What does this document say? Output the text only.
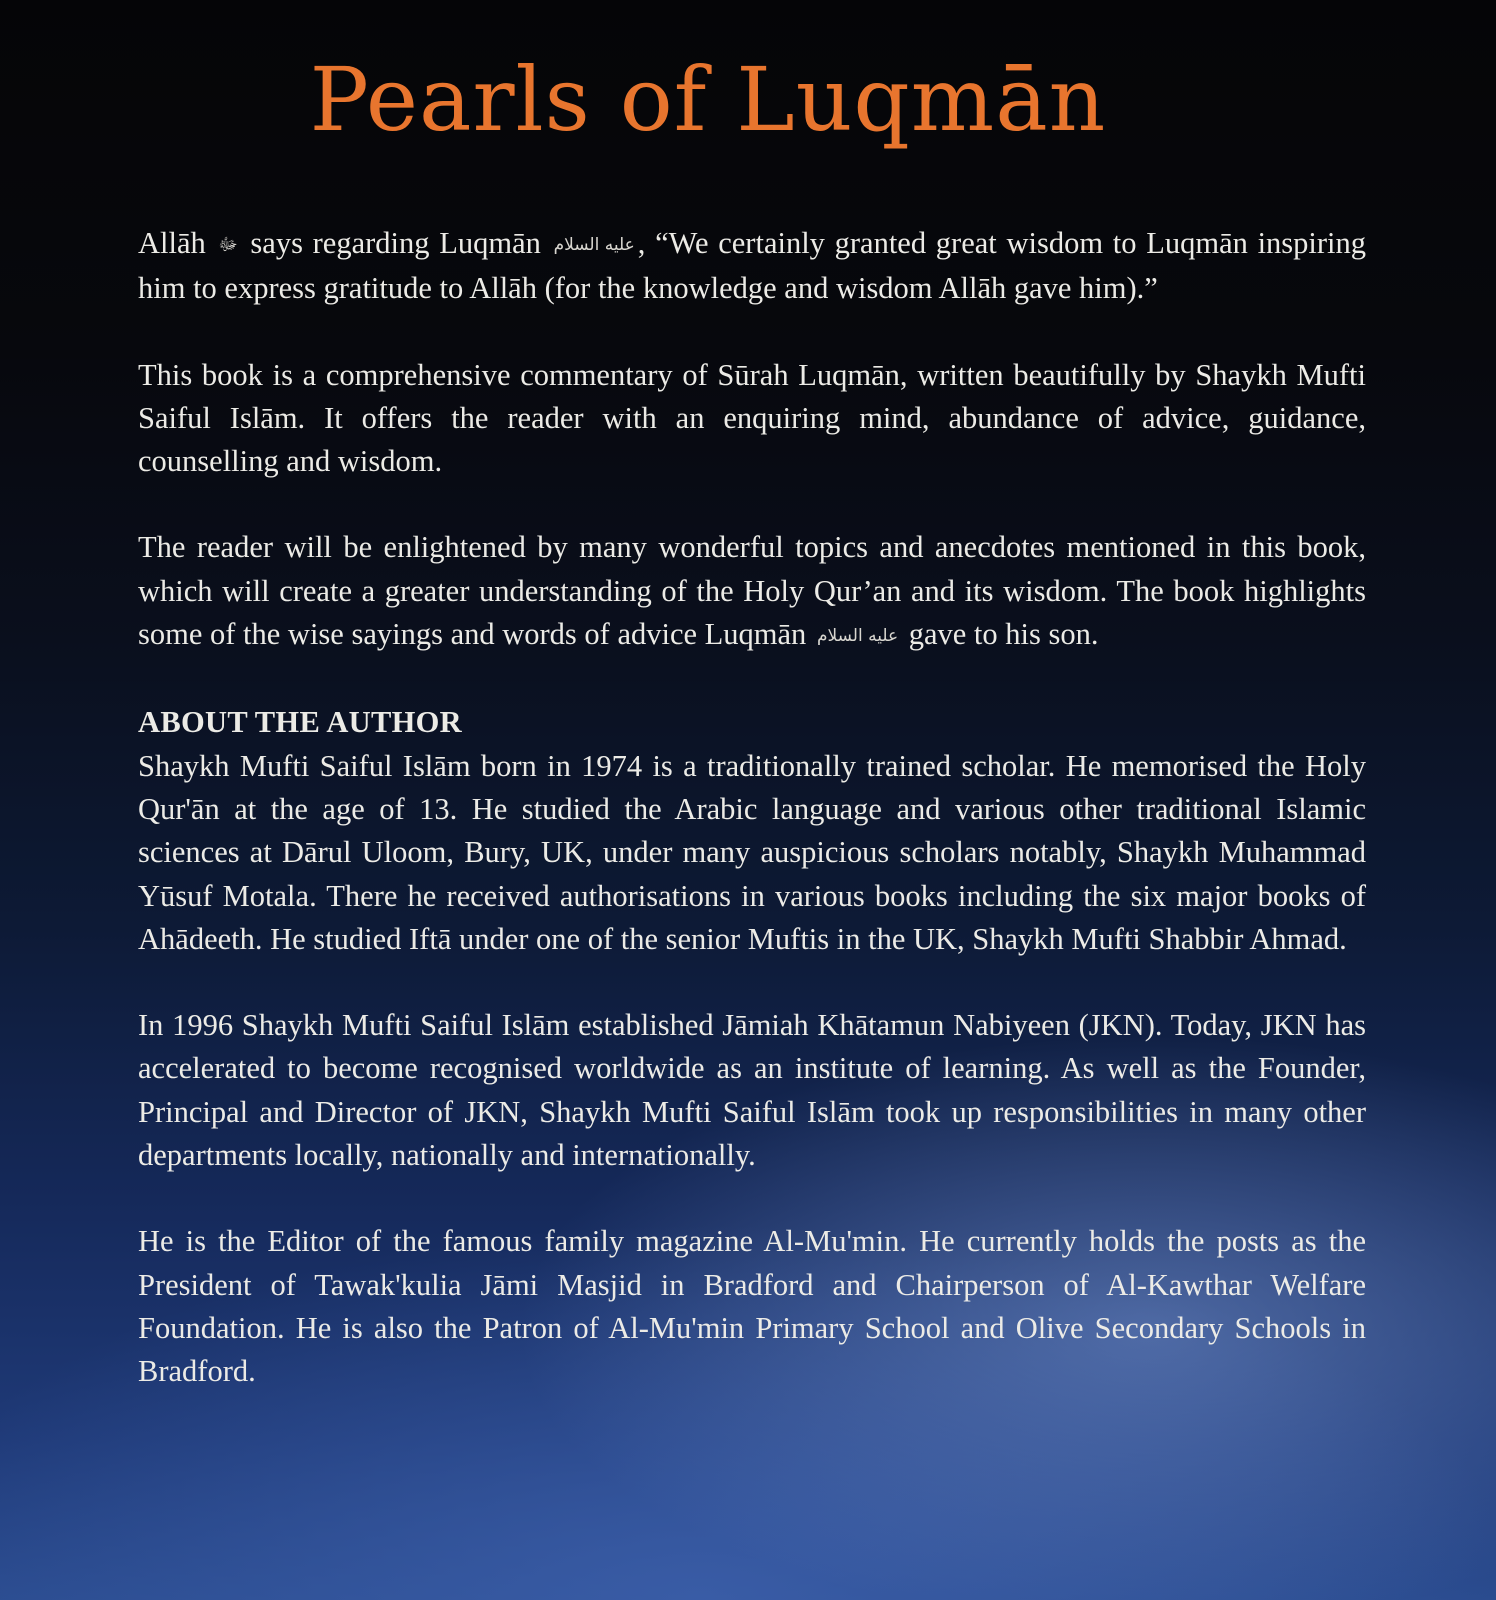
Pearls of Luqmān

Allāh ﷻ says regarding Luqmān عليه السلام, “We certainly granted great wisdom to Luqmān inspiring him to express gratitude to Allāh (for the knowledge and wisdom Allāh gave him).”

This book is a comprehensive commentary of Sūrah Luqmān, written beautifully by Shaykh Mufti Saiful Islām. It offers the reader with an enquiring mind, abundance of advice, guidance, counselling and wisdom.

The reader will be enlightened by many wonderful topics and anecdotes mentioned in this book, which will create a greater understanding of the Holy Qur’an and its wisdom. The book highlights some of the wise sayings and words of advice Luqmān عليه السلام gave to his son.

ABOUT THE AUTHOR

Shaykh Mufti Saiful Islām born in 1974 is a traditionally trained scholar. He memorised the Holy Qur'ān at the age of 13. He studied the Arabic language and various other traditional Islamic sciences at Dārul Uloom, Bury, UK, under many auspicious scholars notably, Shaykh Muhammad Yūsuf Motala. There he received authorisations in various books including the six major books of Ahādeeth. He studied Iftā under one of the senior Muftis in the UK, Shaykh Mufti Shabbir Ahmad.

In 1996 Shaykh Mufti Saiful Islām established Jāmiah Khātamun Nabiyeen (JKN). Today, JKN has accelerated to become recognised worldwide as an institute of learning. As well as the Founder, Principal and Director of JKN, Shaykh Mufti Saiful Islām took up responsibilities in many other departments locally, nationally and internationally.

He is the Editor of the famous family magazine Al-Mu'min. He currently holds the posts as the President of Tawak'kulia Jāmi Masjid in Bradford and Chairperson of Al-Kawthar Welfare Foundation. He is also the Patron of Al-Mu'min Primary School and Olive Secondary Schools in Bradford.
